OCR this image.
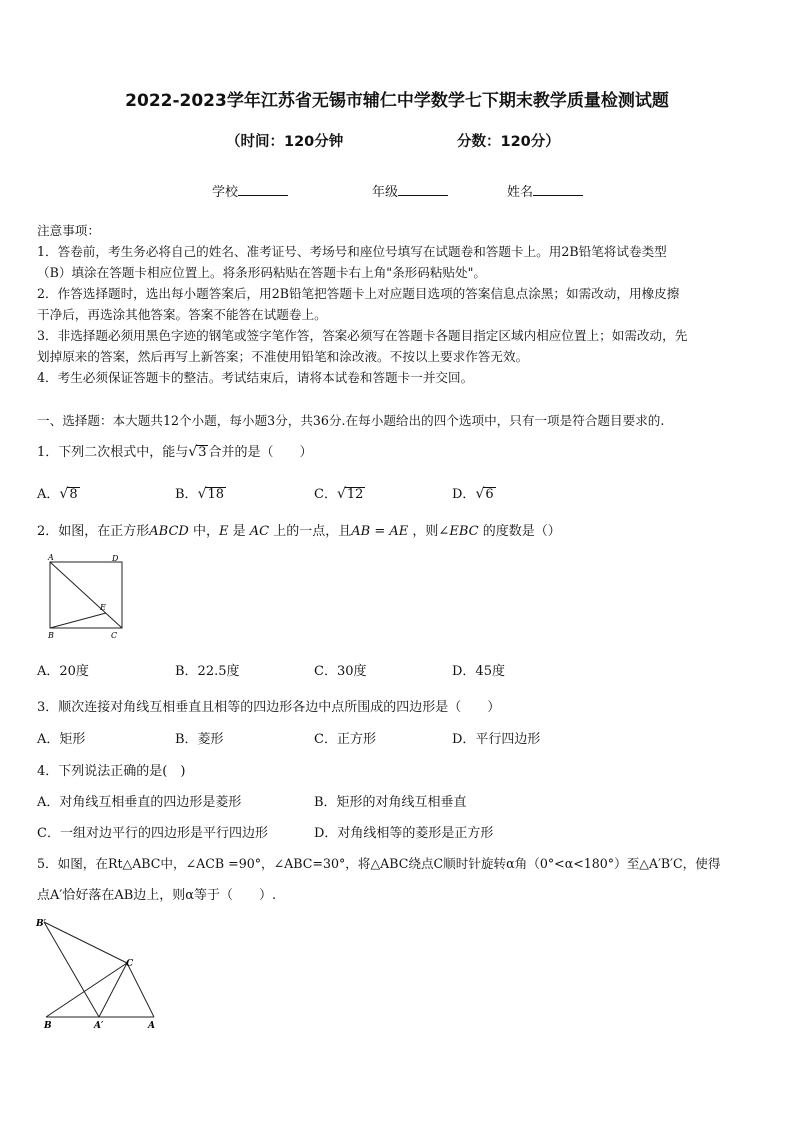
2022-2023学年江苏省无锡市辅仁中学数学七下期末教学质量检测试题
（时间：120分钟	分数：120分）
学校	年级	姓名
注意事项：
1．答卷前，考生务必将自己的姓名、准考证号、考场号和座位号填写在试题卷和答题卡上。用2B铅笔将试卷类型
（B）填涂在答题卡相应位置上。将条形码粘贴在答题卡右上角"条形码粘贴处"。
2．作答选择题时，选出每小题答案后，用2B铅笔把答题卡上对应题目选项的答案信息点涂黑；如需改动，用橡皮擦
干净后，再选涂其他答案。答案不能答在试题卷上。
3．非选择题必须用黑色字迹的钢笔或签字笔作答，答案必须写在答题卡各题目指定区域内相应位置上；如需改动，先
划掉原来的答案，然后再写上新答案；不准使用铅笔和涂改液。不按以上要求作答无效。
4．考生必须保证答题卡的整洁。考试结束后，请将本试卷和答题卡一并交回。
一、选择题：本大题共12个小题，每小题3分，共36分.在每小题给出的四个选项中，只有一项是符合题目要求的.
1．下列二次根式中，能与√3 合并的是（　　）
A．√8	B．√18	C．√12	D．√6
2．如图，在正方形ABCD 中，E 是 AC 上的一点，且AB = AE ，则∠EBC 的度数是（）
A	D
B	C
E
A．20度	B．22.5度	C．30度	D．45度
3．顺次连接对角线互相垂直且相等的四边形各边中点所围成的四边形是（　　）
A．矩形	B．菱形	C．正方形	D．平行四边形
4．下列说法正确的是(　)
A．对角线互相垂直的四边形是菱形	B．矩形的对角线互相垂直
C．一组对边平行的四边形是平行四边形	D．对角线相等的菱形是正方形
5．如图，在Rt△ABC中，∠ACB =90°，∠ABC=30°，将△ABC绕点C顺时针旋转α角（0°<α<180°）至△A′B′C，使得
点A′恰好落在AB边上，则α等于（　　）.
B′
C
B	A′	A
